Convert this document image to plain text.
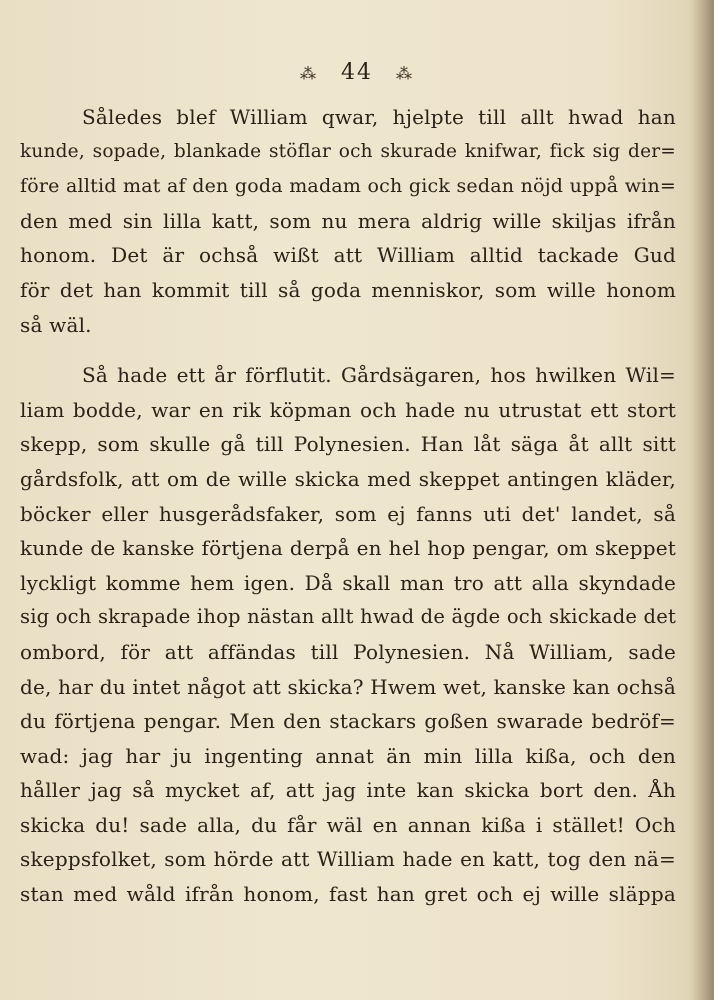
⁂ 44 ⁂

Således blef William qwar, hjelpte till allt hwad han
kunde, sopade, blankade stöflar och skurade knifwar, fick sig der=
före alltid mat af den goda madam och gick sedan nöjd uppå win=
den med sin lilla katt, som nu mera aldrig wille skiljas ifrån
honom. Det är ochså wißt att William alltid tackade Gud
för det han kommit till så goda menniskor, som wille honom
så wäl.

Så hade ett år förflutit. Gårdsägaren, hos hwilken Wil=
liam bodde, war en rik köpman och hade nu utrustat ett stort
skepp, som skulle gå till Polynesien. Han låt säga åt allt sitt
gårdsfolk, att om de wille skicka med skeppet antingen kläder,
böcker eller husgerådsfaker, som ej fanns uti det' landet, så
kunde de kanske förtjena derpå en hel hop pengar, om skeppet
lyckligt komme hem igen. Då skall man tro att alla skyndade
sig och skrapade ihop nästan allt hwad de ägde och skickade det
ombord, för att affändas till Polynesien. Nå William, sade
de, har du intet något att skicka? Hwem wet, kanske kan ochså
du förtjena pengar. Men den stackars goßen swarade bedröf=
wad: jag har ju ingenting annat än min lilla kißa, och den
håller jag så mycket af, att jag inte kan skicka bort den. Åh
skicka du! sade alla, du får wäl en annan kißa i stället! Och
skeppsfolket, som hörde att William hade en katt, tog den nä=
stan med wåld ifrån honom, fast han gret och ej wille släppa
